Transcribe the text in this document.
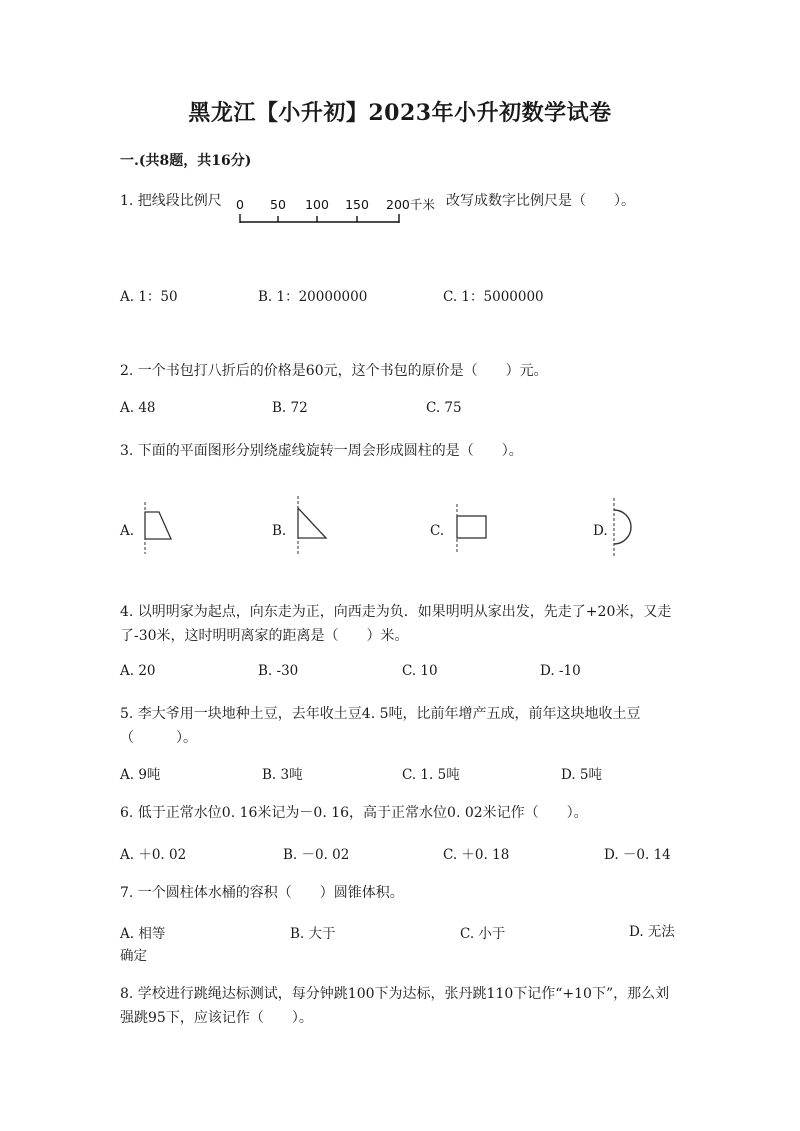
黑龙江【小升初】2023年小升初数学试卷
一.(共8题，共16分)
1. 把线段比例尺 0 50 100 150 200千米 改写成数字比例尺是（　　）。
A. 1：50	B. 1：20000000	C. 1：5000000
2. 一个书包打八折后的价格是60元，这个书包的原价是（　　）元。
A. 48	B. 72	C. 75
3. 下面的平面图形分别绕虚线旋转一周会形成圆柱的是（　　）。
A.	B.	C.	D.
4. 以明明家为起点，向东走为正，向西走为负．如果明明从家出发，先走了+20米，又走了-30米，这时明明离家的距离是（　　）米。
A. 20	B. -30	C. 10	D. -10
5. 李大爷用一块地种土豆，去年收土豆4. 5吨，比前年增产五成，前年这块地收土豆（　　　）。
A. 9吨	B. 3吨	C. 1. 5吨	D. 5吨
6. 低于正常水位0. 16米记为－0. 16，高于正常水位0. 02米记作（　　）。
A. ＋0. 02	B. －0. 02	C. ＋0. 18	D. －0. 14
7. 一个圆柱体水桶的容积（　　）圆锥体积。
A. 相等	B. 大于	C. 小于	D. 无法确定
8. 学校进行跳绳达标测试，每分钟跳100下为达标，张丹跳110下记作“+10下”，那么刘强跳95下，应该记作（　　）。
